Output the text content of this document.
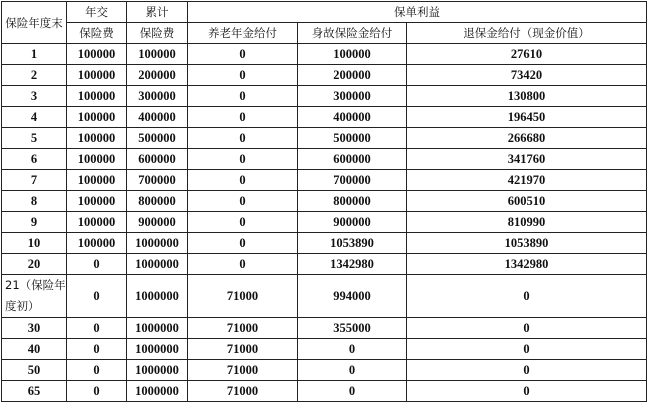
保险年度末	年交	累计	保单利益		
	保险费	保险费	养老年金给付	身故保险金给付	退保金给付（现金价值）
1	100000	100000	0	100000	27610
2	100000	200000	0	200000	73420
3	100000	300000	0	300000	130800
4	100000	400000	0	400000	196450
5	100000	500000	0	500000	266680
6	100000	600000	0	600000	341760
7	100000	700000	0	700000	421970
8	100000	800000	0	800000	600510
9	100000	900000	0	900000	810990
10	100000	1000000	0	1053890	1053890
20	0	1000000	0	1342980	1342980
21（保险年度初）	0	1000000	71000	994000	0
30	0	1000000	71000	355000	0
40	0	1000000	71000	0	0
50	0	1000000	71000	0	0
65	0	1000000	71000	0	0
